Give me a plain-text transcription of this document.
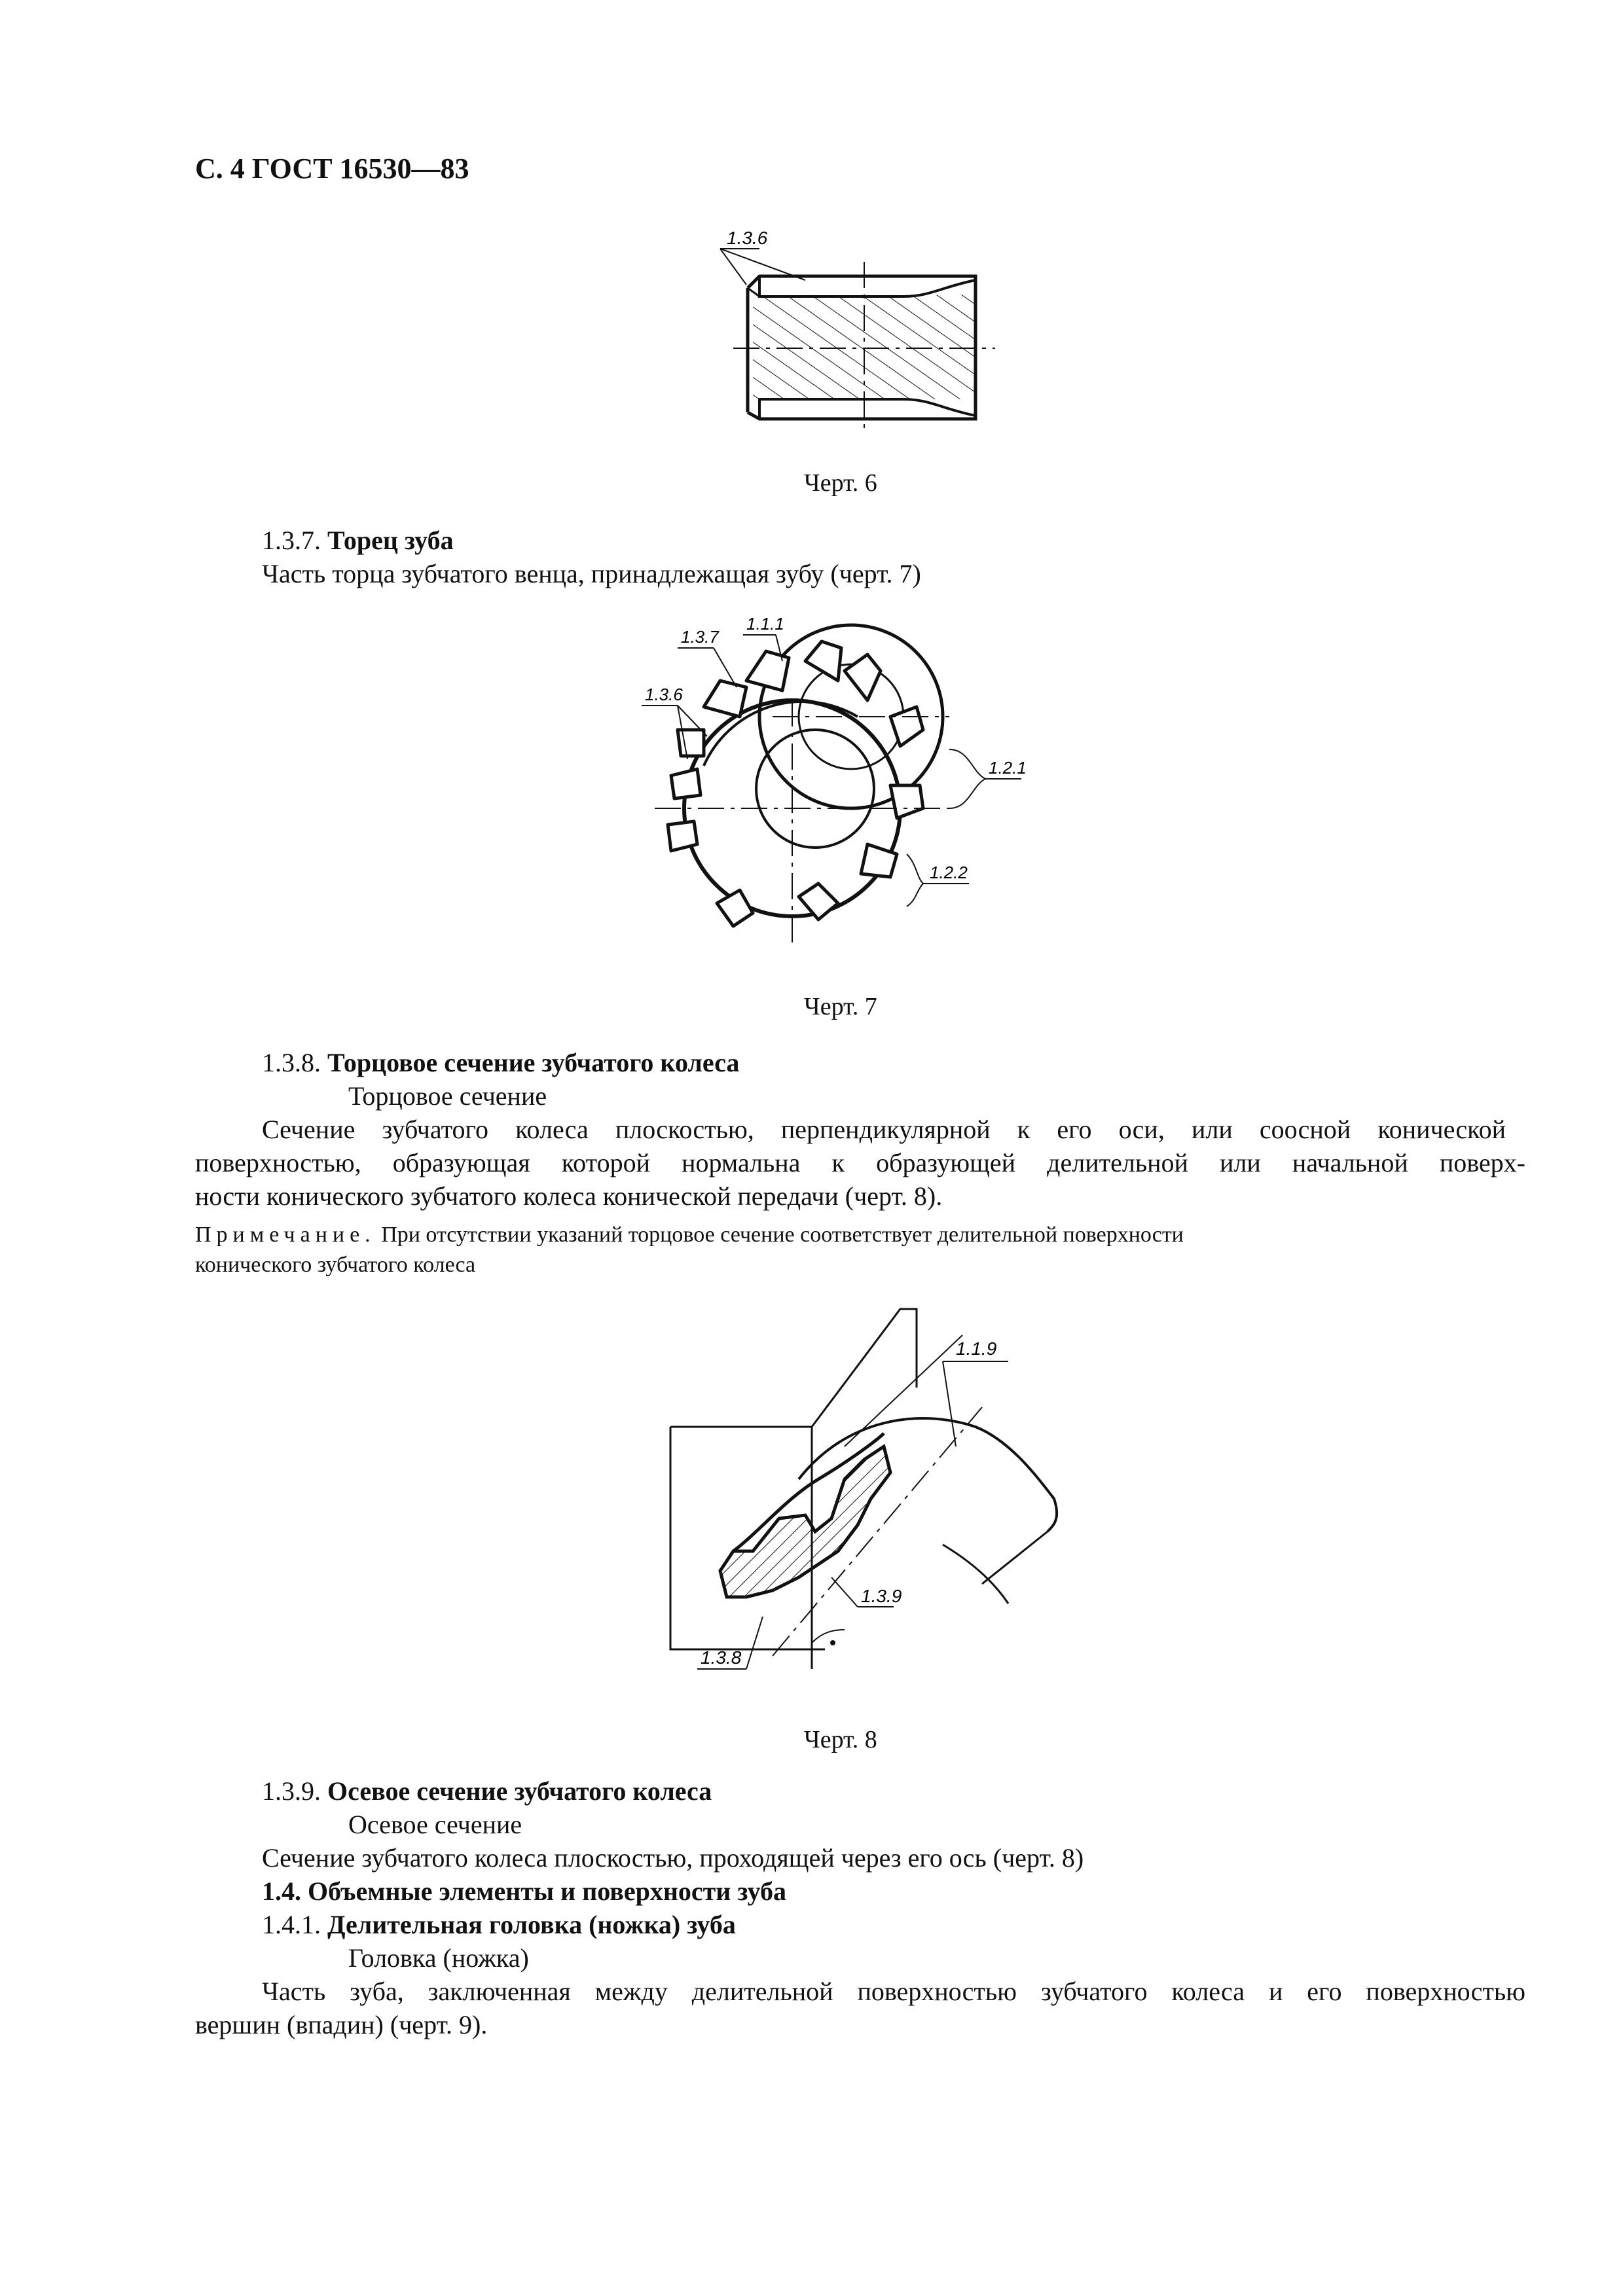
С. 4 ГОСТ 16530—83
1.3.6
Черт. 6
1.3.7. Торец зуба
Часть торца зубчатого венца, принадлежащая зубу (черт. 7)
1.3.7
1.1.1
1.3.6
1.2.1
1.2.2
Черт. 7
1.3.8. Торцовое сечение зубчатого колеса
Торцовое сечение
Сечение зубчатого колеса плоскостью, перпендикулярной к его оси, или соосной конической
поверхностью, образующая которой нормальна к образующей делительной или начальной поверх-
ности конического зубчатого колеса конической передачи (черт. 8).
Примечание. При отсутствии указаний торцовое сечение соответствует делительной поверхности
конического зубчатого колеса
1.1.9
1.3.9
1.3.8
Черт. 8
1.3.9. Осевое сечение зубчатого колеса
Осевое сечение
Сечение зубчатого колеса плоскостью, проходящей через его ось (черт. 8)
1.4. Объемные элементы и поверхности зуба
1.4.1. Делительная головка (ножка) зуба
Головка (ножка)
Часть зуба, заключенная между делительной поверхностью зубчатого колеса и его поверхностью
вершин (впадин) (черт. 9).
